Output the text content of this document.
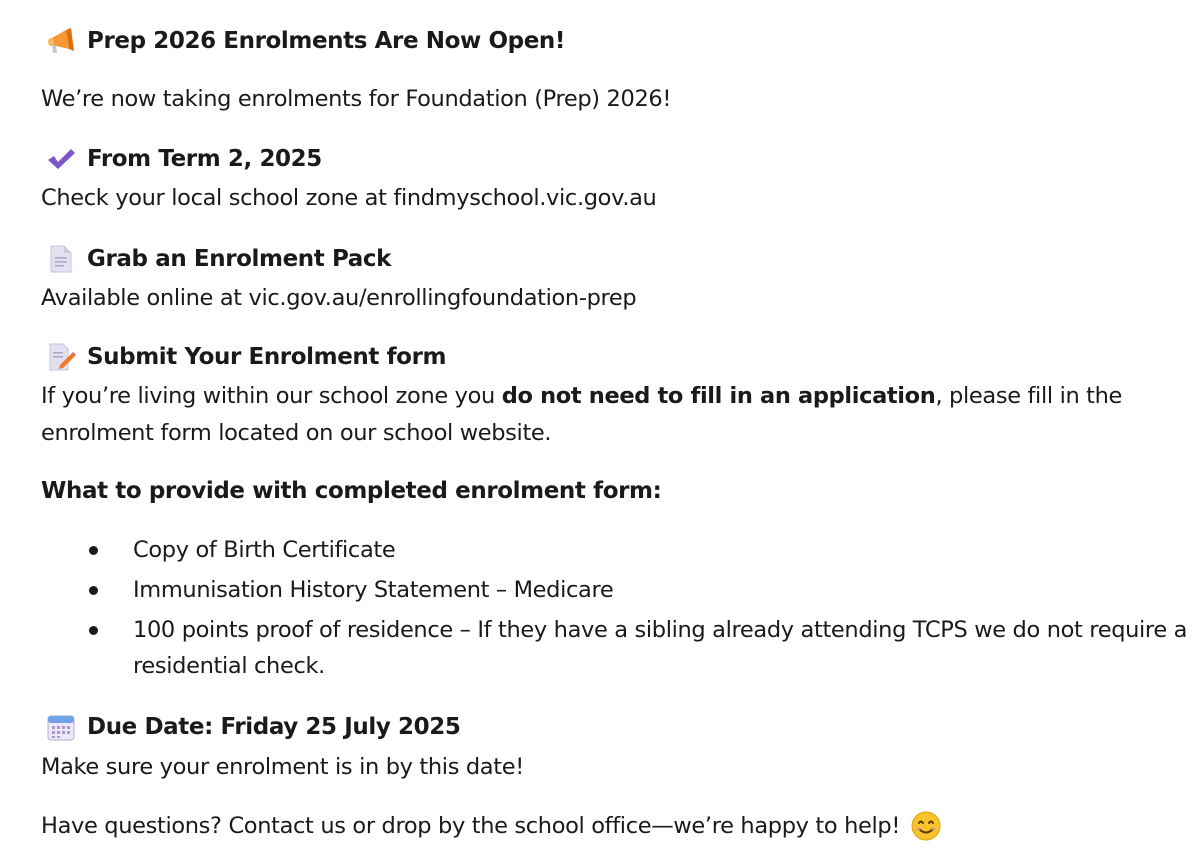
Prep 2026 Enrolments Are Now Open!
We’re now taking enrolments for Foundation (Prep) 2026!
From Term 2, 2025
Check your local school zone at findmyschool.vic.gov.au
Grab an Enrolment Pack
Available online at vic.gov.au/enrollingfoundation-prep
Submit Your Enrolment form
If you’re living within our school zone you do not need to fill in an application, please fill in the
enrolment form located on our school website.
What to provide with completed enrolment form:
Copy of Birth Certificate
Immunisation History Statement – Medicare
100 points proof of residence – If they have a sibling already attending TCPS we do not require a residential check.
Due Date: Friday 25 July 2025
Make sure your enrolment is in by this date!
Have questions? Contact us or drop by the school office—we’re happy to help!
